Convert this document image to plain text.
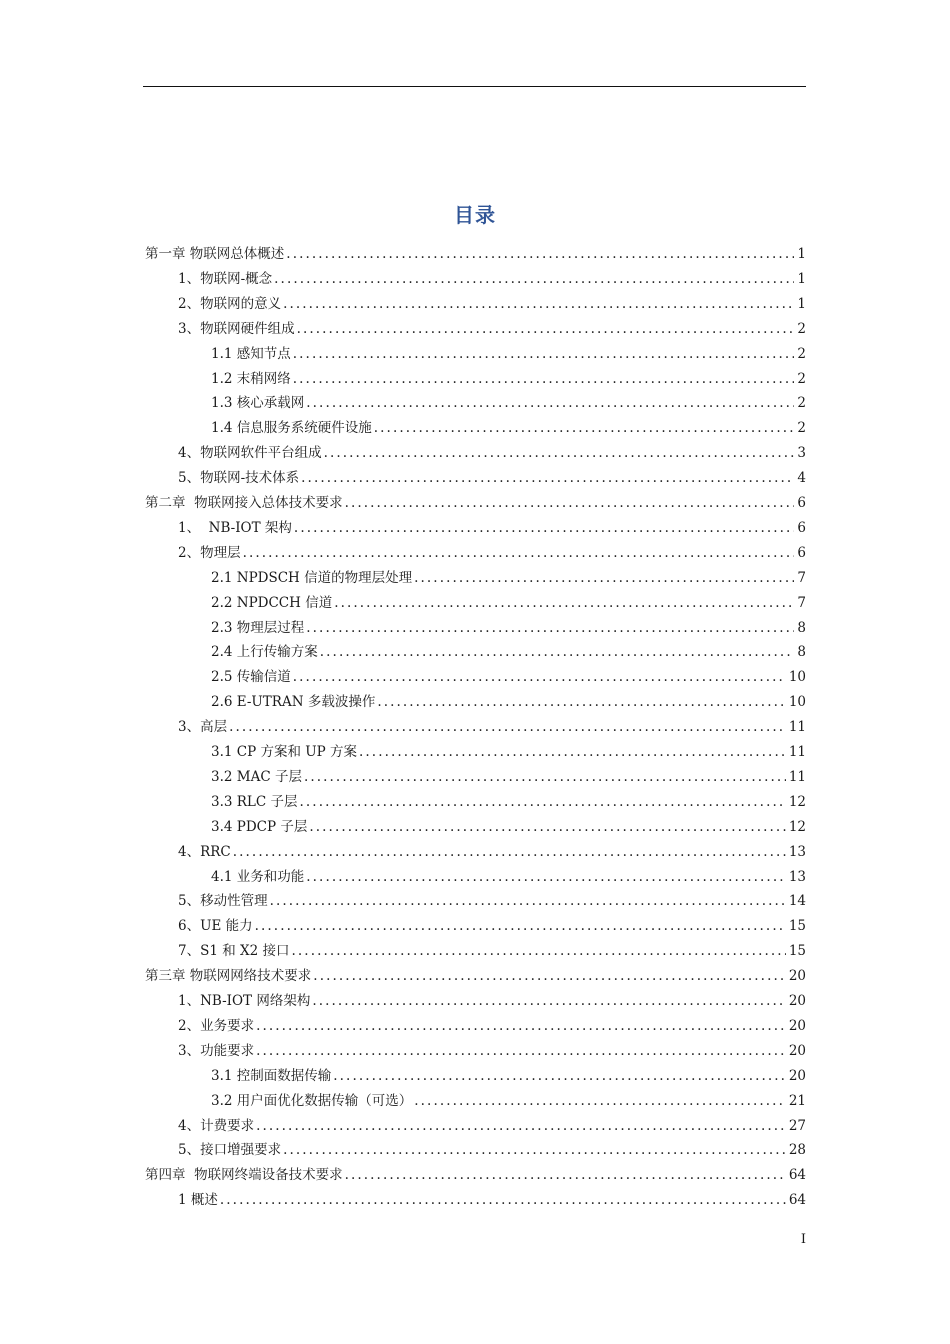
目录
第一章 物联网总体概述 .....	1
1、物联网-概念 .....	1
2、物联网的意义 .....	1
3、物联网硬件组成 .....	2
1.1 感知节点 .....	2
1.2 末稍网络 .....	2
1.3 核心承载网 .....	2
1.4 信息服务系统硬件设施 .....	2
4、物联网软件平台组成 .....	3
5、物联网-技术体系 .....	4
第二章  物联网接入总体技术要求 .....	6
1、  NB-IOT 架构 .....	6
2、物理层 .....	6
2.1 NPDSCH 信道的物理层处理 .....	7
2.2 NPDCCH 信道 .....	7
2.3 物理层过程 .....	8
2.4 上行传输方案 .....	8
2.5 传输信道 .....	10
2.6 E-UTRAN 多载波操作 .....	10
3、高层 .....	11
3.1 CP 方案和 UP 方案 .....	11
3.2 MAC 子层 .....	11
3.3 RLC 子层 .....	12
3.4 PDCP 子层 .....	12
4、RRC .....	13
4.1 业务和功能 .....	13
5、移动性管理 .....	14
6、UE 能力 .....	15
7、S1 和 X2 接口 .....	15
第三章 物联网网络技术要求 .....	20
1、NB-IOT 网络架构 .....	20
2、业务要求 .....	20
3、功能要求 .....	20
3.1 控制面数据传输 .....	20
3.2 用户面优化数据传输（可选） .....	21
4、计费要求 .....	27
5、接口增强要求 .....	28
第四章  物联网终端设备技术要求 .....	64
1 概述 .....	64
I
